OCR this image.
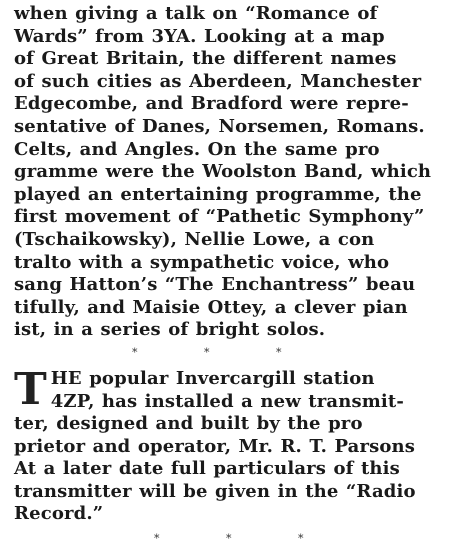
when giving a talk on “Romance of
Wards” from 3YA. Looking at a map
of Great Britain, the different names
of such cities as Aberdeen, Manchester
Edgecombe, and Bradford were repre-
sentative of Danes, Norsemen, Romans.
Celts, and Angles. On the same pro
gramme were the Woolston Band, which
played an entertaining programme, the
first movement of “Pathetic Symphony”
(Tschaikowsky), Nellie Lowe, a con
tralto with a sympathetic voice, who
sang Hatton’s “The Enchantress” beau
tifully, and Maisie Ottey, a clever pian
ist, in a series of bright solos.
*   *   *
T HE popular Invercargill station
4ZP, has installed a new transmit-
ter, designed and built by the pro
prietor and operator, Mr. R. T. Parsons
At a later date full particulars of this
transmitter will be given in the “Radio
Record.”
*   *   *
